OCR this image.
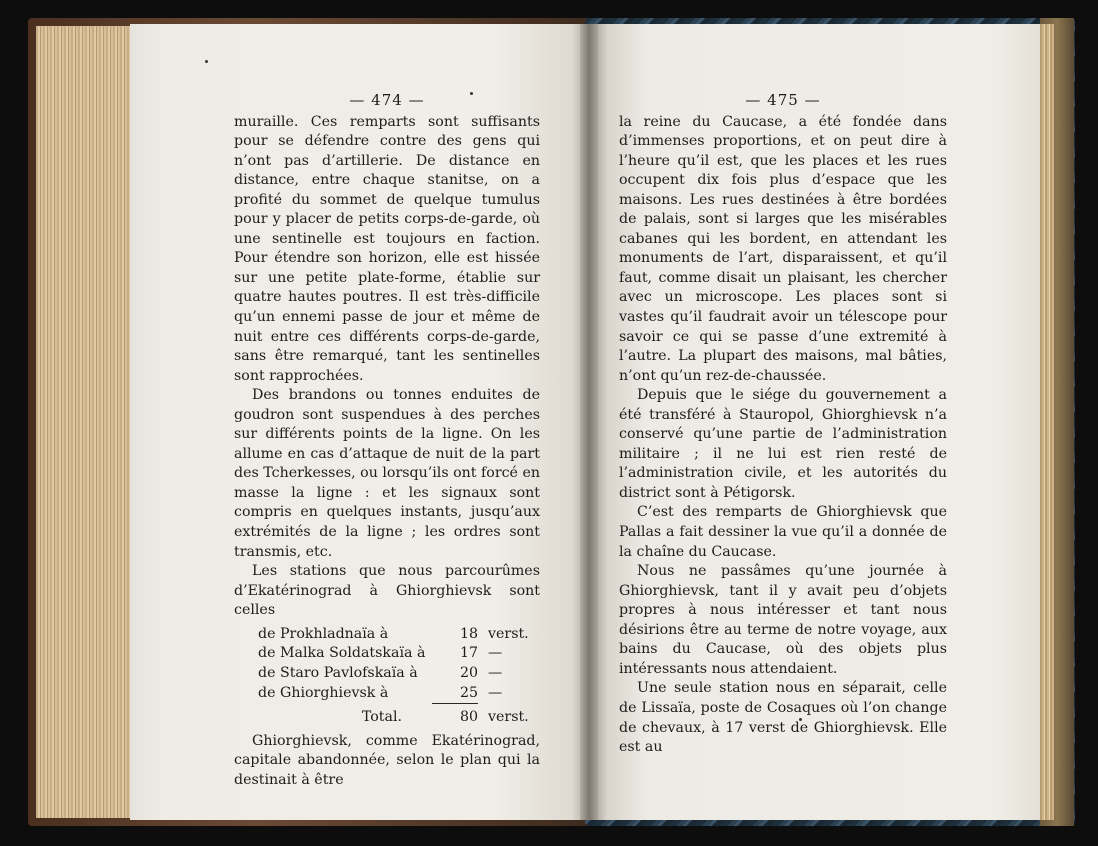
— 474 —

muraille. Ces remparts sont suffisants pour se défendre contre des gens qui n’ont pas d’artillerie. De distance en distance, entre chaque stanitse, on a profité du sommet de quelque tumulus pour y placer de petits corps-de-garde, où une sentinelle est toujours en faction. Pour étendre son horizon, elle est hissée sur une petite plate-forme, établie sur quatre hautes poutres. Il est très-difficile qu’un ennemi passe de jour et même de nuit entre ces différents corps-de-garde, sans être remarqué, tant les sentinelles sont rapprochées.

Des brandons ou tonnes enduites de goudron sont suspendues à des perches sur différents points de la ligne. On les allume en cas d’attaque de nuit de la part des Tcherkesses, ou lorsqu’ils ont forcé en masse la ligne : et les signaux sont compris en quelques instants, jusqu’aux extrémités de la ligne ; les ordres sont transmis, etc.

Les stations que nous parcourûmes d’Ekatérinograd à Ghiorghievsk sont celles

de Prokhladnaïa à	18	verst.
de Malka Soldatskaïa à	17	—
de Staro Pavlofskaïa à	20	—
de Ghiorghievsk à	25	—
Total.	80	verst.

Ghiorghievsk, comme Ekatérinograd, capitale abandonnée, selon le plan qui la destinait à être

— 475 —

la reine du Caucase, a été fondée dans d’immenses proportions, et on peut dire à l’heure qu’il est, que les places et les rues occupent dix fois plus d’espace que les maisons. Les rues destinées à être bordées de palais, sont si larges que les misérables cabanes qui les bordent, en attendant les monuments de l’art, disparaissent, et qu’il faut, comme disait un plaisant, les chercher avec un microscope. Les places sont si vastes qu’il faudrait avoir un télescope pour savoir ce qui se passe d’une extremité à l’autre. La plupart des maisons, mal bâties, n’ont qu’un rez-de-chaussée.

Depuis que le siége du gouvernement a été transféré à Stauropol, Ghiorghievsk n’a conservé qu’une partie de l’administration militaire ; il ne lui est rien resté de l’administration civile, et les autorités du district sont à Pétigorsk.

C’est des remparts de Ghiorghievsk que Pallas a fait dessiner la vue qu’il a donnée de la chaîne du Caucase.

Nous ne passâmes qu’une journée à Ghiorghievsk, tant il y avait peu d’objets propres à nous intéresser et tant nous désirions être au terme de notre voyage, aux bains du Caucase, où des objets plus intéressants nous attendaient.

Une seule station nous en séparait, celle de Lissaïa, poste de Cosaques où l’on change de chevaux, à 17 verst de Ghiorghievsk. Elle est au
